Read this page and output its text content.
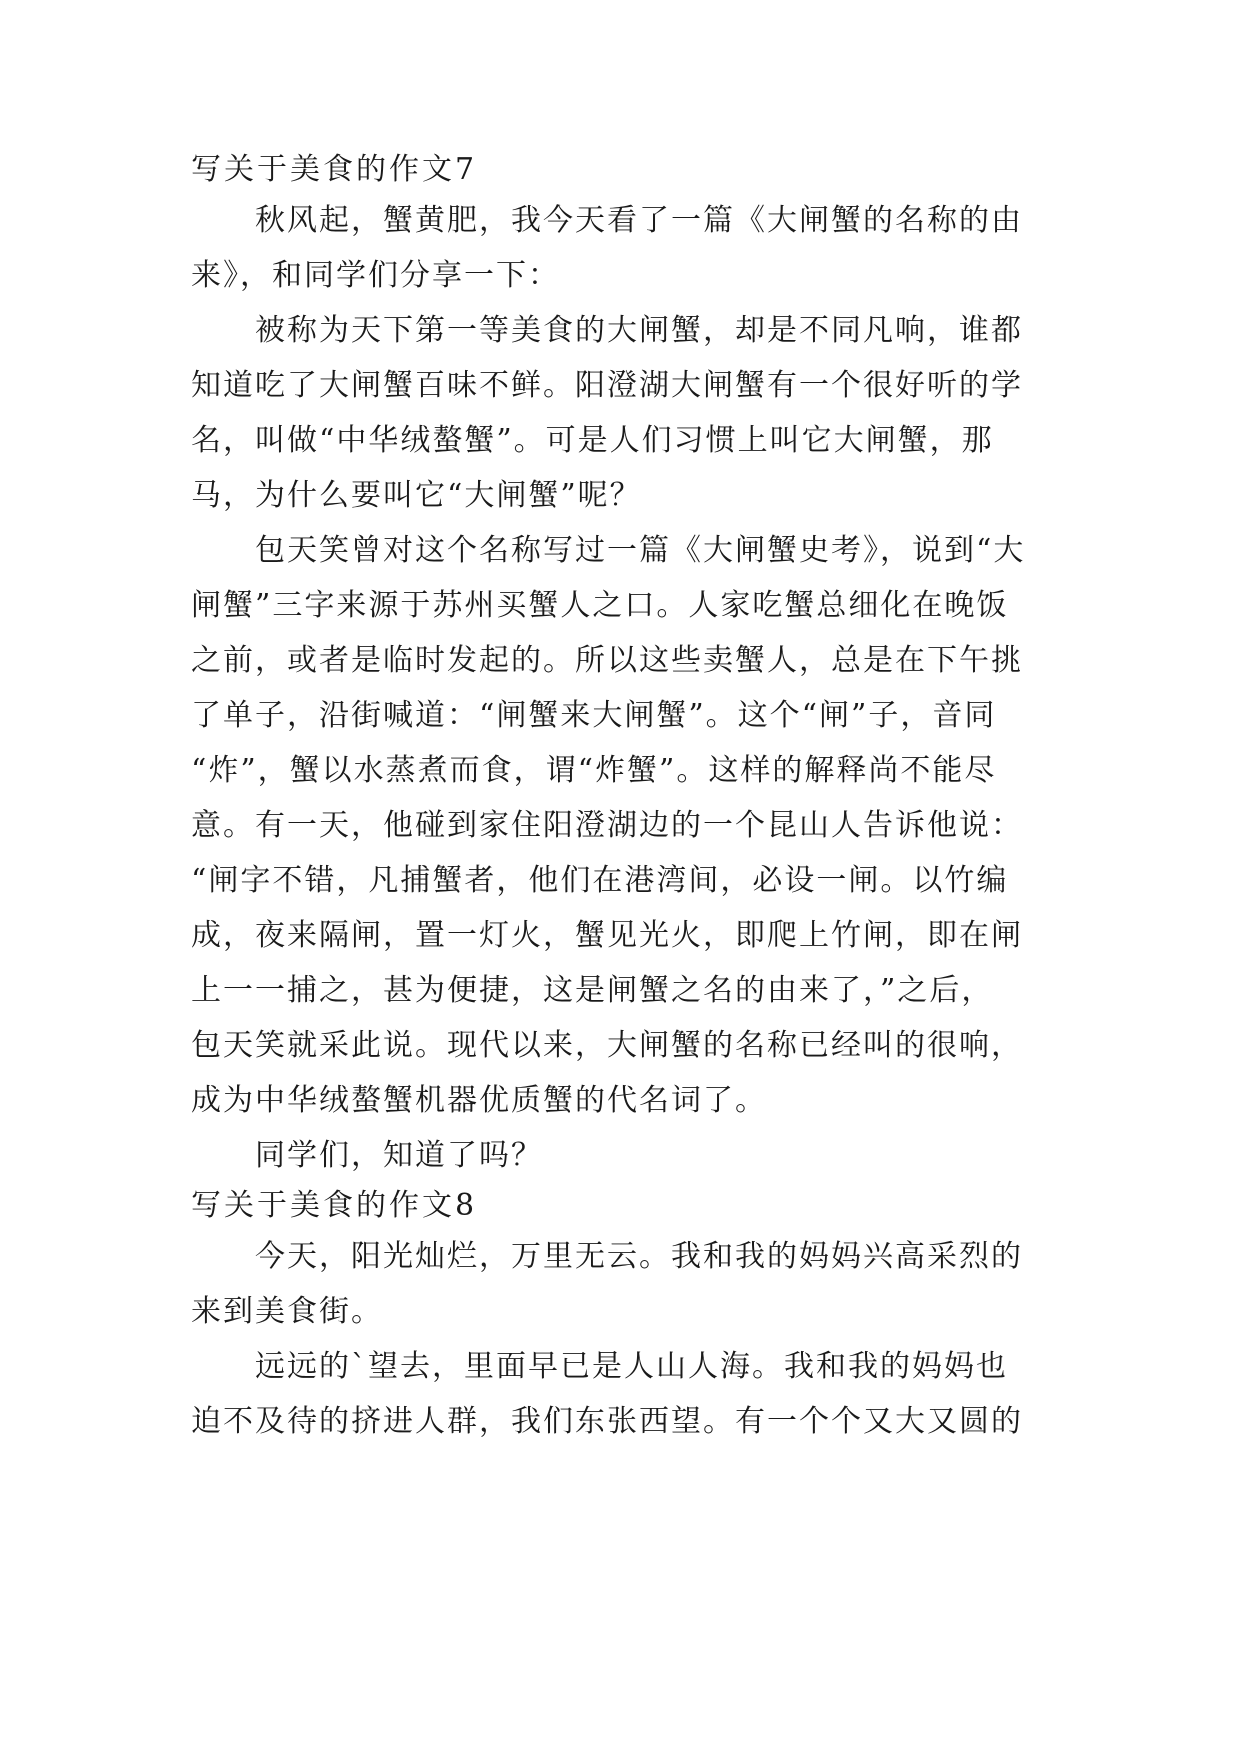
写关于美食的作文7
秋风起，蟹黄肥，我今天看了一篇《大闸蟹的名称的由
来》，和同学们分享一下：
被称为天下第一等美食的大闸蟹，却是不同凡响，谁都
知道吃了大闸蟹百味不鲜。阳澄湖大闸蟹有一个很好听的学
名，叫做“中华绒螯蟹”。可是人们习惯上叫它大闸蟹，那
马，为什么要叫它“大闸蟹”呢？
包天笑曾对这个名称写过一篇《大闸蟹史考》，说到“大
闸蟹”三字来源于苏州买蟹人之口。人家吃蟹总细化在晚饭
之前，或者是临时发起的。所以这些卖蟹人，总是在下午挑
了单子，沿街喊道：“闸蟹来大闸蟹”。这个“闸”子，音同
“炸”，蟹以水蒸煮而食，谓“炸蟹”。这样的解释尚不能尽
意。有一天，他碰到家住阳澄湖边的一个昆山人告诉他说：
“闸字不错，凡捕蟹者，他们在港湾间，必设一闸。以竹编
成，夜来隔闸，置一灯火，蟹见光火，即爬上竹闸，即在闸
上一一捕之，甚为便捷，这是闸蟹之名的由来了，”之后，
包天笑就采此说。现代以来，大闸蟹的名称已经叫的很响，
成为中华绒螯蟹机器优质蟹的代名词了。
同学们，知道了吗？
写关于美食的作文8
今天，阳光灿烂，万里无云。我和我的妈妈兴高采烈的
来到美食街。
远远的`望去，里面早已是人山人海。我和我的妈妈也
迫不及待的挤进人群，我们东张西望。有一个个又大又圆的
